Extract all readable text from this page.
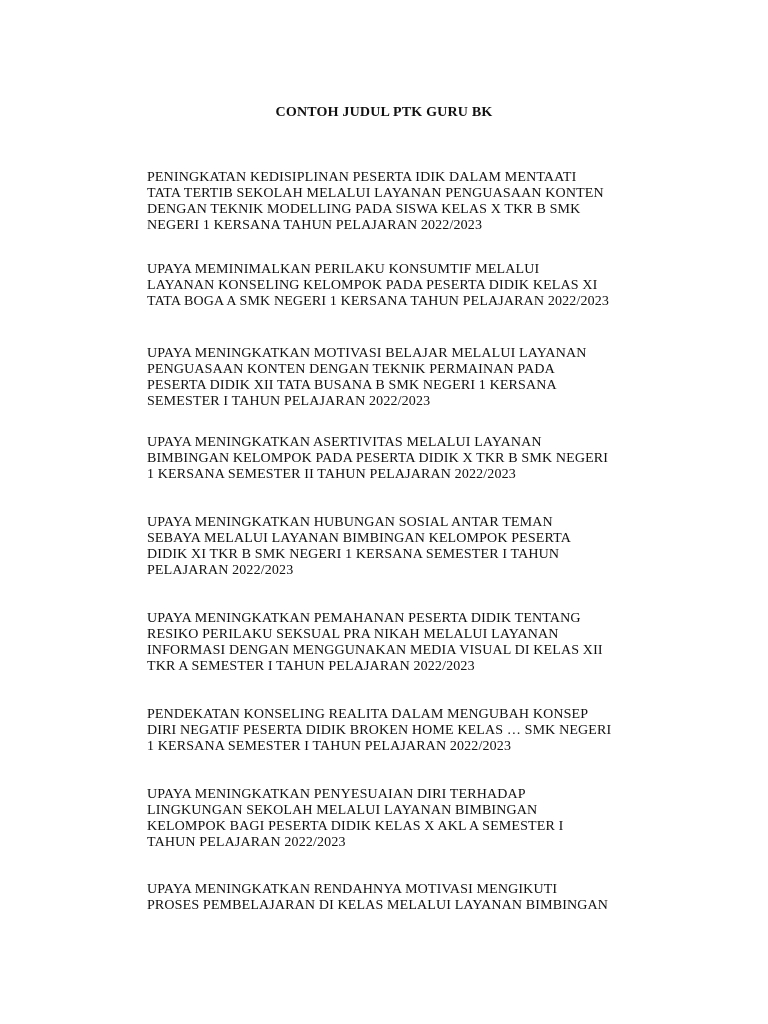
CONTOH JUDUL PTK GURU BK
PENINGKATAN KEDISIPLINAN PESERTA IDIK DALAM MENTAATI
TATA TERTIB SEKOLAH MELALUI LAYANAN PENGUASAAN KONTEN
DENGAN TEKNIK MODELLING PADA SISWA KELAS X TKR B SMK
NEGERI 1 KERSANA TAHUN PELAJARAN 2022/2023
UPAYA MEMINIMALKAN PERILAKU KONSUMTIF MELALUI
LAYANAN KONSELING KELOMPOK PADA PESERTA DIDIK KELAS XI
TATA BOGA A SMK NEGERI 1 KERSANA TAHUN PELAJARAN 2022/2023
UPAYA MENINGKATKAN MOTIVASI BELAJAR MELALUI LAYANAN
PENGUASAAN KONTEN DENGAN TEKNIK PERMAINAN PADA
PESERTA DIDIK XII TATA BUSANA B SMK NEGERI 1 KERSANA
SEMESTER I TAHUN PELAJARAN 2022/2023
UPAYA MENINGKATKAN ASERTIVITAS MELALUI LAYANAN
BIMBINGAN KELOMPOK PADA PESERTA DIDIK X TKR B SMK NEGERI
1 KERSANA SEMESTER II TAHUN PELAJARAN 2022/2023
UPAYA MENINGKATKAN HUBUNGAN SOSIAL ANTAR TEMAN
SEBAYA MELALUI LAYANAN BIMBINGAN KELOMPOK PESERTA
DIDIK XI TKR B SMK NEGERI 1 KERSANA SEMESTER I TAHUN
PELAJARAN 2022/2023
UPAYA MENINGKATKAN PEMAHANAN PESERTA DIDIK TENTANG
RESIKO PERILAKU SEKSUAL PRA NIKAH MELALUI LAYANAN
INFORMASI DENGAN MENGGUNAKAN MEDIA VISUAL DI KELAS XII
TKR A SEMESTER I TAHUN PELAJARAN 2022/2023
PENDEKATAN KONSELING REALITA DALAM MENGUBAH KONSEP
DIRI NEGATIF PESERTA DIDIK BROKEN HOME KELAS … SMK NEGERI
1 KERSANA SEMESTER I TAHUN PELAJARAN 2022/2023
UPAYA MENINGKATKAN PENYESUAIAN DIRI TERHADAP
LINGKUNGAN SEKOLAH MELALUI LAYANAN BIMBINGAN
KELOMPOK BAGI PESERTA DIDIK KELAS X AKL A SEMESTER I
TAHUN PELAJARAN 2022/2023
UPAYA MENINGKATKAN RENDAHNYA MOTIVASI MENGIKUTI
PROSES PEMBELAJARAN DI KELAS MELALUI LAYANAN BIMBINGAN
